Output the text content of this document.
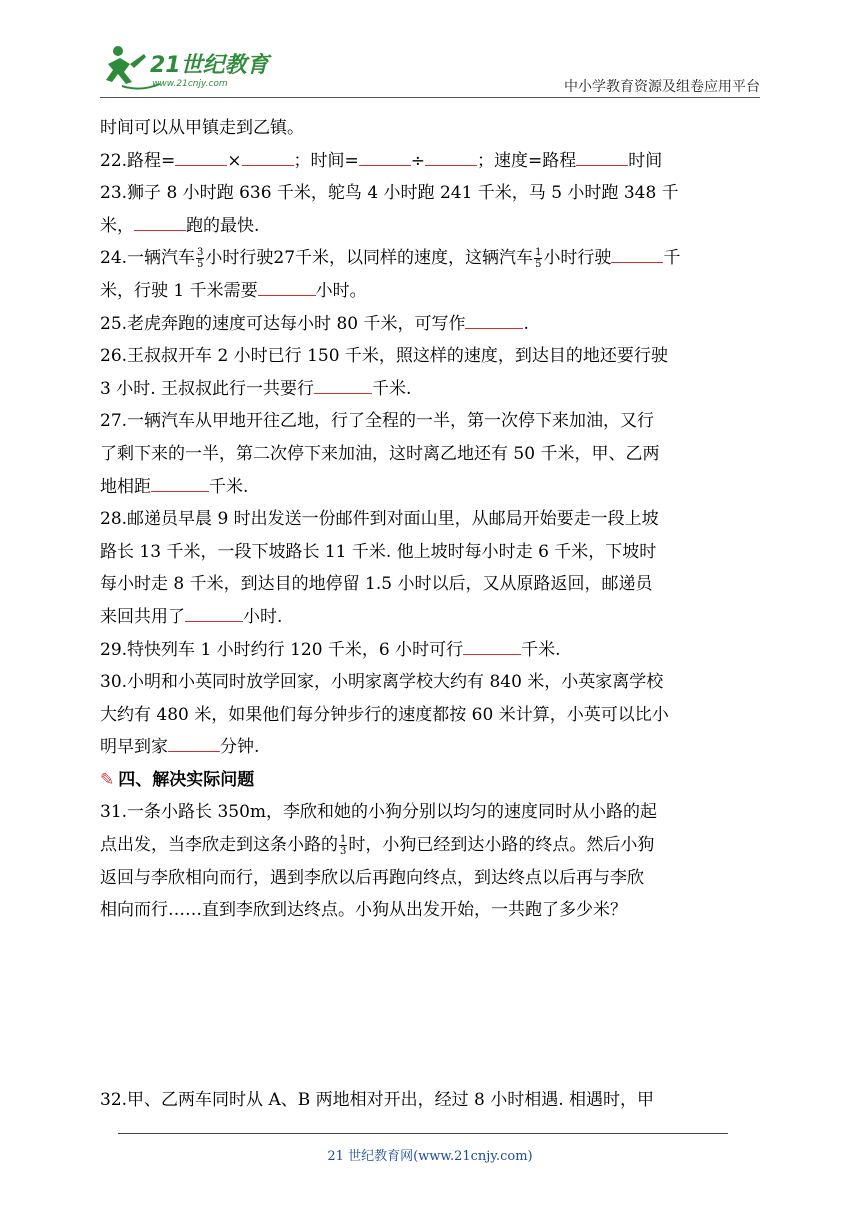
21世纪教育
www.21cnjy.com	中小学教育资源及组卷应用平台
时间可以从甲镇走到乙镇。
22.路程=	×	；时间=	÷	；速度=路程	时间
23.狮子 8 小时跑 636 千米，鸵鸟 4 小时跑 241 千米，马 5 小时跑 348 千
米，	跑的最快.
24.一辆汽车 $\frac{3}{5}$ 小时行驶27千米，以同样的速度，这辆汽车 $\frac{1}{5}$ 小时行驶	千
米，行驶 1 千米需要	小时。
25.老虎奔跑的速度可达每小时 80 千米，可写作	.
26.王叔叔开车 2 小时已行 150 千米，照这样的速度，到达目的地还要行驶
3 小时. 王叔叔此行一共要行	千米.
27.一辆汽车从甲地开往乙地，行了全程的一半，第一次停下来加油，又行
了剩下来的一半，第二次停下来加油，这时离乙地还有 50 千米，甲、乙两
地相距	千米.
28.邮递员早晨 9 时出发送一份邮件到对面山里，从邮局开始要走一段上坡
路长 13 千米，一段下坡路长 11 千米. 他上坡时每小时走 6 千米，下坡时
每小时走 8 千米，到达目的地停留 1.5 小时以后，又从原路返回，邮递员
来回共用了	小时.
29.特快列车 1 小时约行 120 千米，6 小时可行	千米.
30.小明和小英同时放学回家，小明家离学校大约有 840 米，小英家离学校
大约有 480 米，如果他们每分钟步行的速度都按 60 米计算，小英可以比小
明早到家	分钟.
✎ 四、解决实际问题
31.一条小路长 350m，李欣和她的小狗分别以均匀的速度同时从小路的起
点出发，当李欣走到这条小路的 $\frac{1}{3}$ 时，小狗已经到达小路的终点。然后小狗
返回与李欣相向而行，遇到李欣以后再跑向终点，到达终点以后再与李欣
相向而行……直到李欣到达终点。小狗从出发开始，一共跑了多少米？
32.甲、乙两车同时从 A、B 两地相对开出，经过 8 小时相遇. 相遇时，甲
21 世纪教育网(www.21cnjy.com)
